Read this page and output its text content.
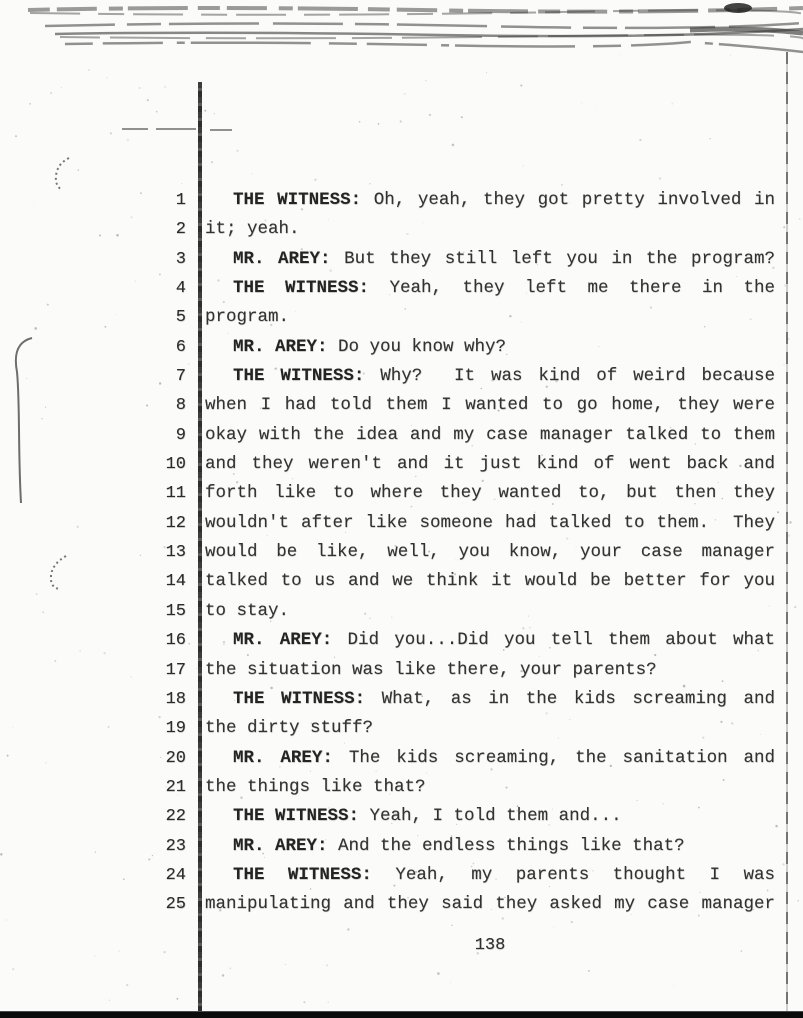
1	THE WITNESS: Oh, yeah, they got pretty involved in
2 it; yeah.
3	MR. AREY: But they still left you in the program?
4	THE WITNESS: Yeah, they left me there in the
5 program.
6	MR. AREY: Do you know why?
7	THE WITNESS: Why?  It was kind of weird because
8 when I had told them I wanted to go home, they were
9 okay with the idea and my case manager talked to them
10 and they weren't and it just kind of went back and
11 forth like to where they wanted to, but then they
12 wouldn't after like someone had talked to them.  They
13 would be like, well, you know, your case manager
14 talked to us and we think it would be better for you
15 to stay.
16	MR. AREY: Did you...Did you tell them about what
17 the situation was like there, your parents?
18	THE WITNESS: What, as in the kids screaming and
19 the dirty stuff?
20	MR. AREY: The kids screaming, the sanitation and
21 the things like that?
22	THE WITNESS: Yeah, I told them and...
23	MR. AREY: And the endless things like that?
24	THE WITNESS: Yeah, my parents thought I was
25 manipulating and they said they asked my case manager
138
